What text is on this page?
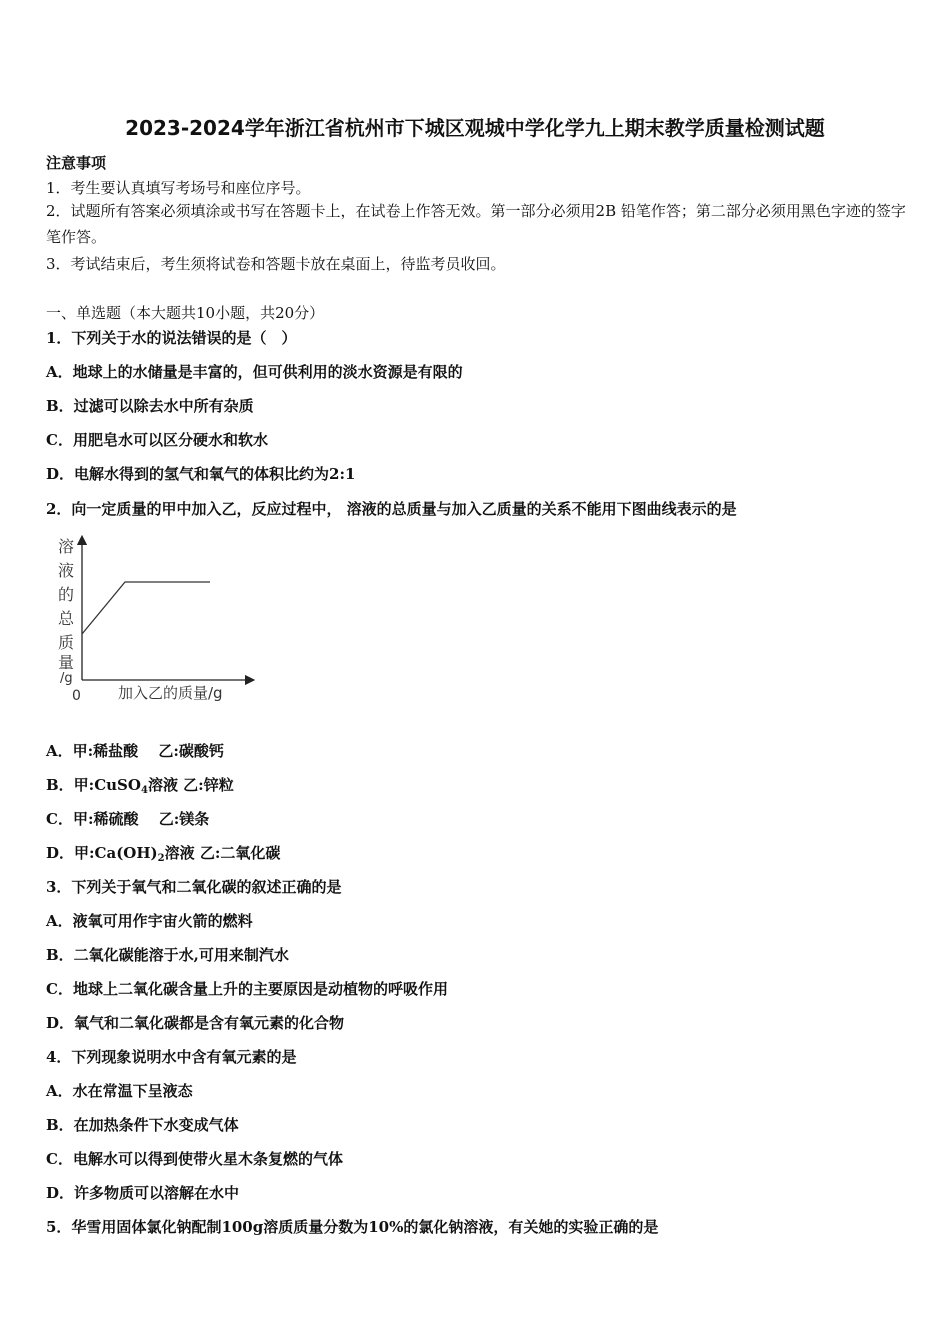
2023-2024学年浙江省杭州市下城区观城中学化学九上期末教学质量检测试题
注意事项
1．考生要认真填写考场号和座位序号。
2．试题所有答案必须填涂或书写在答题卡上，在试卷上作答无效。第一部分必须用2B 铅笔作答；第二部分必须用黑色字迹的签字笔作答。
3．考试结束后，考生须将试卷和答题卡放在桌面上，待监考员收回。
一、单选题（本大题共10小题，共20分）
1．下列关于水的说法错误的是（　）
A．地球上的水储量是丰富的，但可供利用的淡水资源是有限的
B．过滤可以除去水中所有杂质
C．用肥皂水可以区分硬水和软水
D．电解水得到的氢气和氧气的体积比约为2:1
2．向一定质量的甲中加入乙，反应过程中， 溶液的总质量与加入乙质量的关系不能用下图曲线表示的是
溶
液
的
总
质
量
/g
0 加入乙的质量/g
A．甲:稀盐酸　 乙:碳酸钙
B．甲:CuSO$_4$溶液 乙:锌粒
C．甲:稀硫酸　 乙:镁条
D．甲$:Ca(OH)_2$溶液 乙:二氧化碳
3．下列关于氧气和二氧化碳的叙述正确的是
A．液氧可用作宇宙火箭的燃料
B．二氧化碳能溶于水,可用来制汽水
C．地球上二氧化碳含量上升的主要原因是动植物的呼吸作用
D．氧气和二氧化碳都是含有氧元素的化合物
4．下列现象说明水中含有氧元素的是
A．水在常温下呈液态
B．在加热条件下水变成气体
C．电解水可以得到使带火星木条复燃的气体
D．许多物质可以溶解在水中
5．华雪用固体氯化钠配制100g溶质质量分数为10%的氯化钠溶液，有关她的实验正确的是
